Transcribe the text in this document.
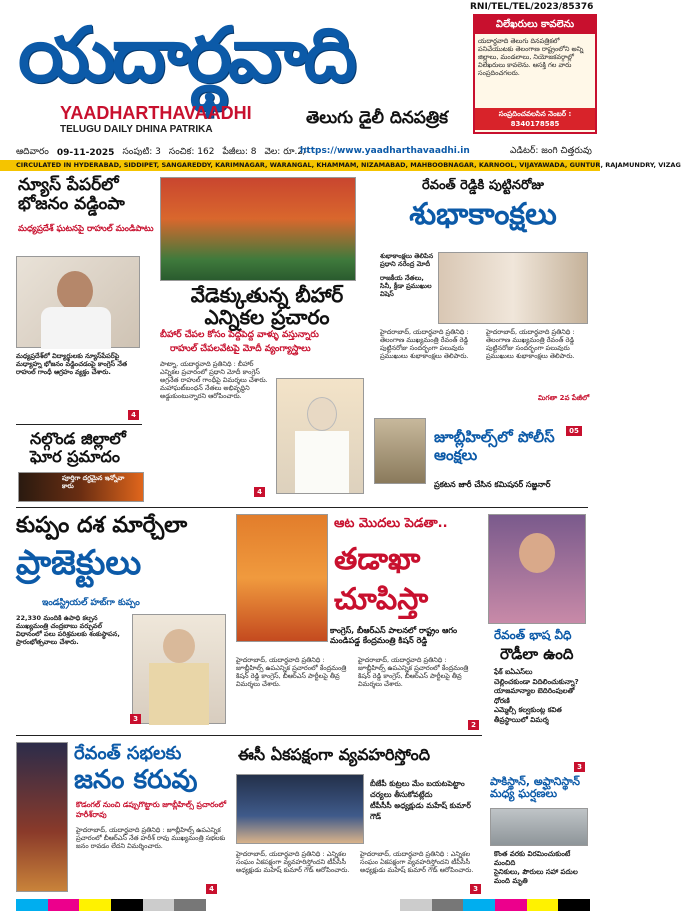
యదార్థవాది
RNI/TEL/TEL/2023/85376
విలేఖరులు కావలెను
యదార్థవాది తెలుగు దినపత్రికలో పనిచేయుటకు తెలంగాణ రాష్ట్రంలోని అన్ని జిల్లాలు, మండలాలు, నియోజకవర్గాల్లో విలేఖరులు కావలెను. ఆసక్తి గల వారు సంప్రదించగలరు.
సంప్రదించవలసిన నెంబర్ : 8340178585
YAADHARTHAVAADHI
TELUGU DAILY DHINA PATRIKA
తెలుగు డైలీ దినపత్రిక
ఆదివారం 09-11-2025 సంపుటి: 3 సంచిక: 162 పేజీలు: 8 వెల: రూ.2/-
https://www.yaadharthavaadhi.in	ఎడిటర్: జంగి చిత్తరువు
CIRCULATED IN HYDERABAD, SIDDIPET, SANGAREDDY, KARIMNAGAR, WARANGAL, KHAMMAM, NIZAMABAD, MAHBOOBNAGAR, KARNOOL, VIJAYAWADA, GUNTUR, RAJAMUNDRY, VIZAG
న్యూస్ పేపర్‌లో భోజనం వడ్డింపా
మధ్యప్రదేశ్ ఘటనపై రాహుల్ మండిపాటు
మధ్యప్రదేశ్‌లో విద్యార్థులకు న్యూస్‌పేపర్‌పై మధ్యాహ్న భోజనం వడ్డించడంపై కాంగ్రెస్ నేత రాహుల్ గాంధీ ఆగ్రహం వ్యక్తం చేశారు.
4
నల్గొండ జిల్లాలో ఘోర ప్రమాదం
పూర్తిగా దగ్ధమైన ఇన్నోవా కారు
వేడెక్కుతున్న బీహార్ ఎన్నికల ప్రచారం
బీహార్ చేపల కోసం పెద్దపెద్ద వాళ్ళు వస్తున్నారు
రాహుల్ చేపలవేటపై మోదీ వ్యంగ్యాస్త్రాలు
పాట్నా, యదార్థవాది ప్రతినిధి : బీహార్ ఎన్నికల ప్రచారంలో ప్రధాని మోదీ కాంగ్రెస్ అగ్రనేత రాహుల్ గాంధీపై విమర్శలు చేశారు. మహాఘట్‌బంధన్ నేతలు అభివృద్ధిని అడ్డుకుంటున్నారని ఆరోపించారు.
4
రేవంత్ రెడ్డికి పుట్టినరోజు
శుభాకాంక్షలు
శుభాకాంక్షలు తెలిపిన ప్రధాని నరేంద్ర మోదీ
రాజకీయ నేతలు, సినీ, క్రీడా ప్రముఖుల విషెస్
హైదరాబాద్, యదార్థవాది ప్రతినిధి : తెలంగాణ ముఖ్యమంత్రి రేవంత్ రెడ్డి పుట్టినరోజు సందర్భంగా పలువురు ప్రముఖులు శుభాకాంక్షలు తెలిపారు.
హైదరాబాద్, యదార్థవాది ప్రతినిధి : తెలంగాణ ముఖ్యమంత్రి రేవంత్ రెడ్డి పుట్టినరోజు సందర్భంగా పలువురు ప్రముఖులు శుభాకాంక్షలు తెలిపారు.
మిగతా 2వ పేజీలో
జూబ్లీహిల్స్‌లో పోలీస్ ఆంక్షలు
05
ప్రకటన జారీ చేసిన కమిషనర్ సజ్జనార్
కుప్పం దశ మార్చేలా
ప్రాజెక్టులు
ఇండస్ట్రియల్ హబ్‌గా కుప్పం
22,330 మందికి ఉపాధి కల్పన ముఖ్యమంత్రి చంద్రబాబు వర్చువల్ విధానంలో పలు పరిశ్రమలకు శంకుస్థాపన, ప్రారంభోత్సవాలు చేశారు.
3
ఆట మొదలు పెడతా..
తడాఖా చూపిస్తా
కాంగ్రెస్, బీఆర్ఎస్ పాలనలో రాష్ట్రం ఆగం మండిపడ్డ కేంద్రమంత్రి కిషన్ రెడ్డి
హైదరాబాద్, యదార్థవాది ప్రతినిధి : జూబ్లీహిల్స్ ఉపఎన్నిక ప్రచారంలో కేంద్రమంత్రి కిషన్ రెడ్డి కాంగ్రెస్, బీఆర్ఎస్ పార్టీలపై తీవ్ర విమర్శలు చేశారు.
హైదరాబాద్, యదార్థవాది ప్రతినిధి : జూబ్లీహిల్స్ ఉపఎన్నిక ప్రచారంలో కేంద్రమంత్రి కిషన్ రెడ్డి కాంగ్రెస్, బీఆర్ఎస్ పార్టీలపై తీవ్ర విమర్శలు చేశారు.
2
రేవంత్ భాష వీధి
రౌడీలా ఉంది
ఫేక్ ఐఏఎస్‌లు
చెల్లించకుండా విదిలించుకున్నా?
యాజమాన్యాల బెదిరింపులతో ధోరణి
ఎమ్మెల్సీ కల్వకుంట్ల కవిత తీవ్రస్థాయిలో విమర్శ
3
రేవంత్ సభలకు
జనం కరువు
కొడంగల్ నుంచి డప్పుగొట్టారు జూబ్లీహిల్స్ ప్రచారంలో హరీశ్‌రావు
హైదరాబాద్, యదార్థవాది ప్రతినిధి : జూబ్లీహిల్స్ ఉపఎన్నిక ప్రచారంలో బీఆర్ఎస్ నేత హరీశ్ రావు ముఖ్యమంత్రి సభలకు జనం రావడం లేదని విమర్శించారు.
4
ఈసీ ఏకపక్షంగా వ్యవహరిస్తోంది
బీజేపీ కుట్రలు మేం బయటపెట్టాం
చర్యలు తీసుకోవట్లేదు
టీపీసీసీ అధ్యక్షుడు మహేష్ కుమార్ గౌడ్
హైదరాబాద్, యదార్థవాది ప్రతినిధి : ఎన్నికల సంఘం ఏకపక్షంగా వ్యవహరిస్తోందని టీపీసీసీ అధ్యక్షుడు మహేష్ కుమార్ గౌడ్ ఆరోపించారు.
హైదరాబాద్, యదార్థవాది ప్రతినిధి : ఎన్నికల సంఘం ఏకపక్షంగా వ్యవహరిస్తోందని టీపీసీసీ అధ్యక్షుడు మహేష్ కుమార్ గౌడ్ ఆరోపించారు.
3
పాకిస్థాన్, అఫ్ఘానిస్థాన్ మధ్య ఘర్షణలు
కొంత వరకు విరమించుకుంటే మంచిది
సైనికులు, పౌరులు సహా పదుల మంది మృతి
